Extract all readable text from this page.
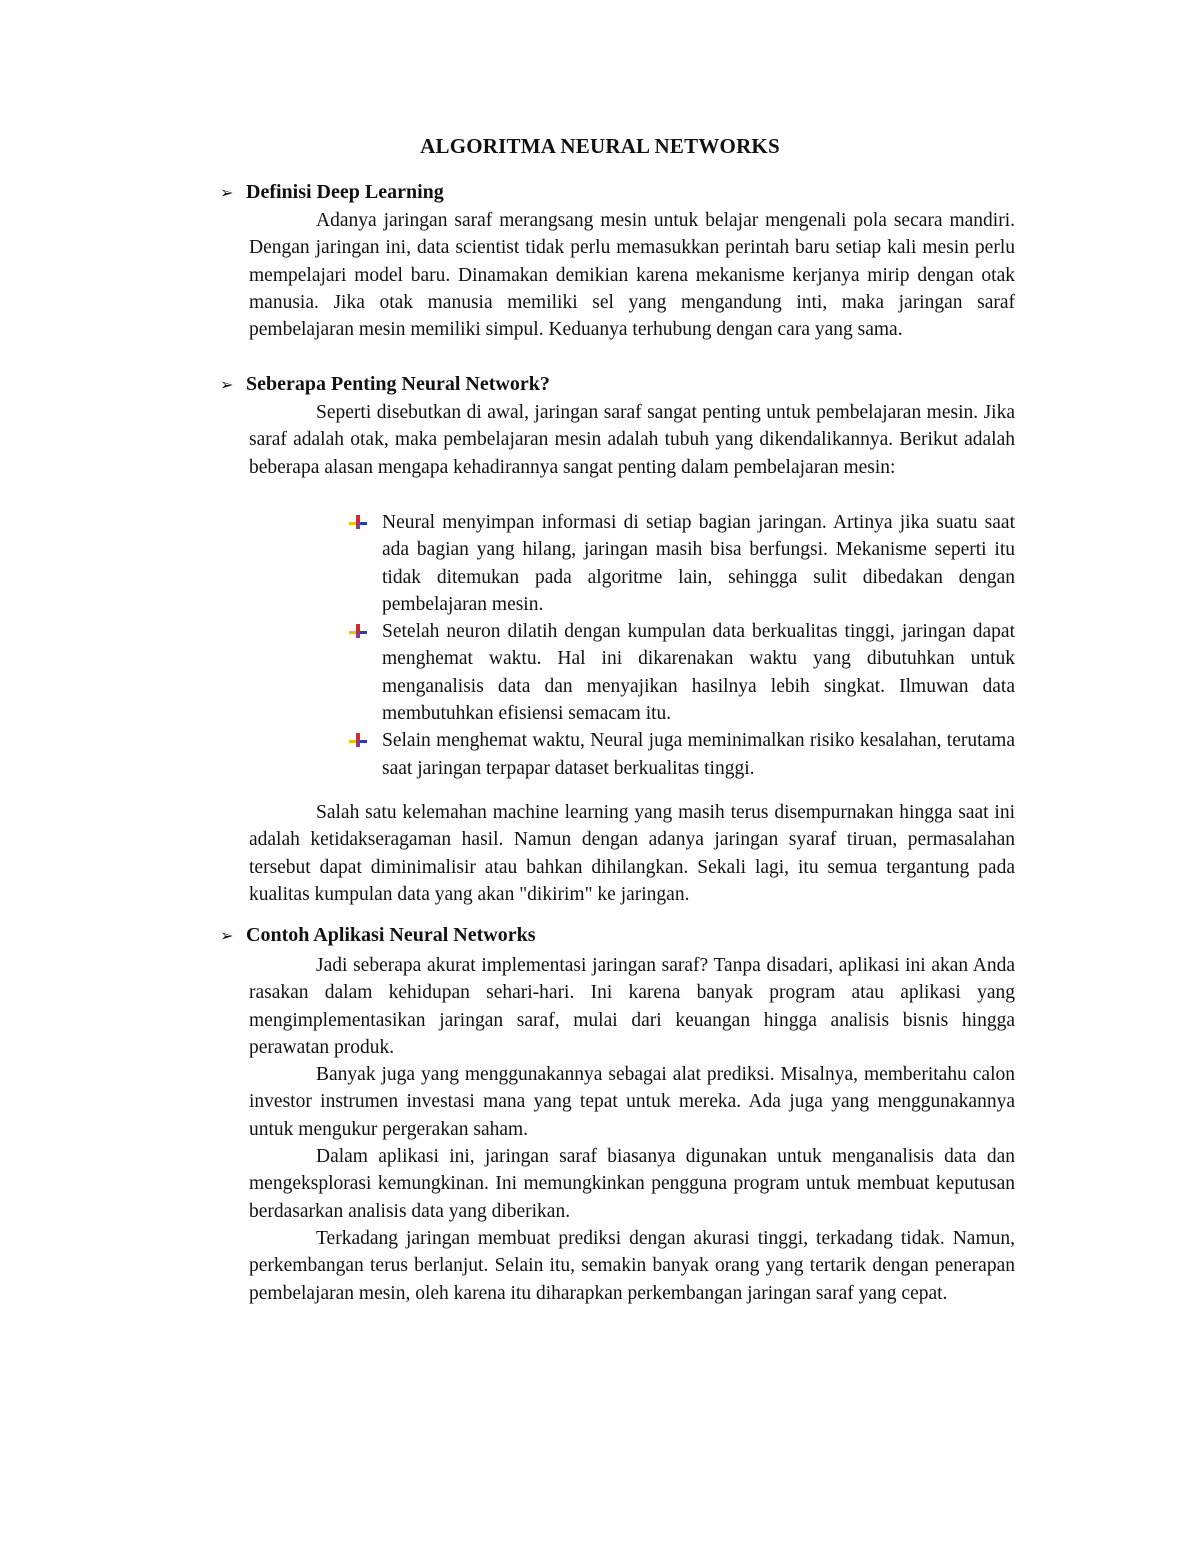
ALGORITMA NEURAL NETWORKS
➢ Definisi Deep Learning

Adanya jaringan saraf merangsang mesin untuk belajar mengenali pola secara mandiri. Dengan jaringan ini, data scientist tidak perlu memasukkan perintah baru setiap kali mesin perlu mempelajari model baru. Dinamakan demikian karena mekanisme kerjanya mirip dengan otak manusia. Jika otak manusia memiliki sel yang mengandung inti, maka jaringan saraf pembelajaran mesin memiliki simpul. Keduanya terhubung dengan cara yang sama.

➢ Seberapa Penting Neural Network?

Seperti disebutkan di awal, jaringan saraf sangat penting untuk pembelajaran mesin. Jika saraf adalah otak, maka pembelajaran mesin adalah tubuh yang dikendalikannya. Berikut adalah beberapa alasan mengapa kehadirannya sangat penting dalam pembelajaran mesin:

Neural menyimpan informasi di setiap bagian jaringan. Artinya jika suatu saat ada bagian yang hilang, jaringan masih bisa berfungsi. Mekanisme seperti itu tidak ditemukan pada algoritme lain, sehingga sulit dibedakan dengan pembelajaran mesin.
Setelah neuron dilatih dengan kumpulan data berkualitas tinggi, jaringan dapat menghemat waktu. Hal ini dikarenakan waktu yang dibutuhkan untuk menganalisis data dan menyajikan hasilnya lebih singkat. Ilmuwan data membutuhkan efisiensi semacam itu.
Selain menghemat waktu, Neural juga meminimalkan risiko kesalahan, terutama saat jaringan terpapar dataset berkualitas tinggi.

Salah satu kelemahan machine learning yang masih terus disempurnakan hingga saat ini adalah ketidakseragaman hasil. Namun dengan adanya jaringan syaraf tiruan, permasalahan tersebut dapat diminimalisir atau bahkan dihilangkan. Sekali lagi, itu semua tergantung pada kualitas kumpulan data yang akan "dikirim" ke jaringan.

➢ Contoh Aplikasi Neural Networks

Jadi seberapa akurat implementasi jaringan saraf? Tanpa disadari, aplikasi ini akan Anda rasakan dalam kehidupan sehari-hari. Ini karena banyak program atau aplikasi yang mengimplementasikan jaringan saraf, mulai dari keuangan hingga analisis bisnis hingga perawatan produk.

Banyak juga yang menggunakannya sebagai alat prediksi. Misalnya, memberitahu calon investor instrumen investasi mana yang tepat untuk mereka. Ada juga yang menggunakannya untuk mengukur pergerakan saham.

Dalam aplikasi ini, jaringan saraf biasanya digunakan untuk menganalisis data dan mengeksplorasi kemungkinan. Ini memungkinkan pengguna program untuk membuat keputusan berdasarkan analisis data yang diberikan.

Terkadang jaringan membuat prediksi dengan akurasi tinggi, terkadang tidak. Namun, perkembangan terus berlanjut. Selain itu, semakin banyak orang yang tertarik dengan penerapan pembelajaran mesin, oleh karena itu diharapkan perkembangan jaringan saraf yang cepat.
